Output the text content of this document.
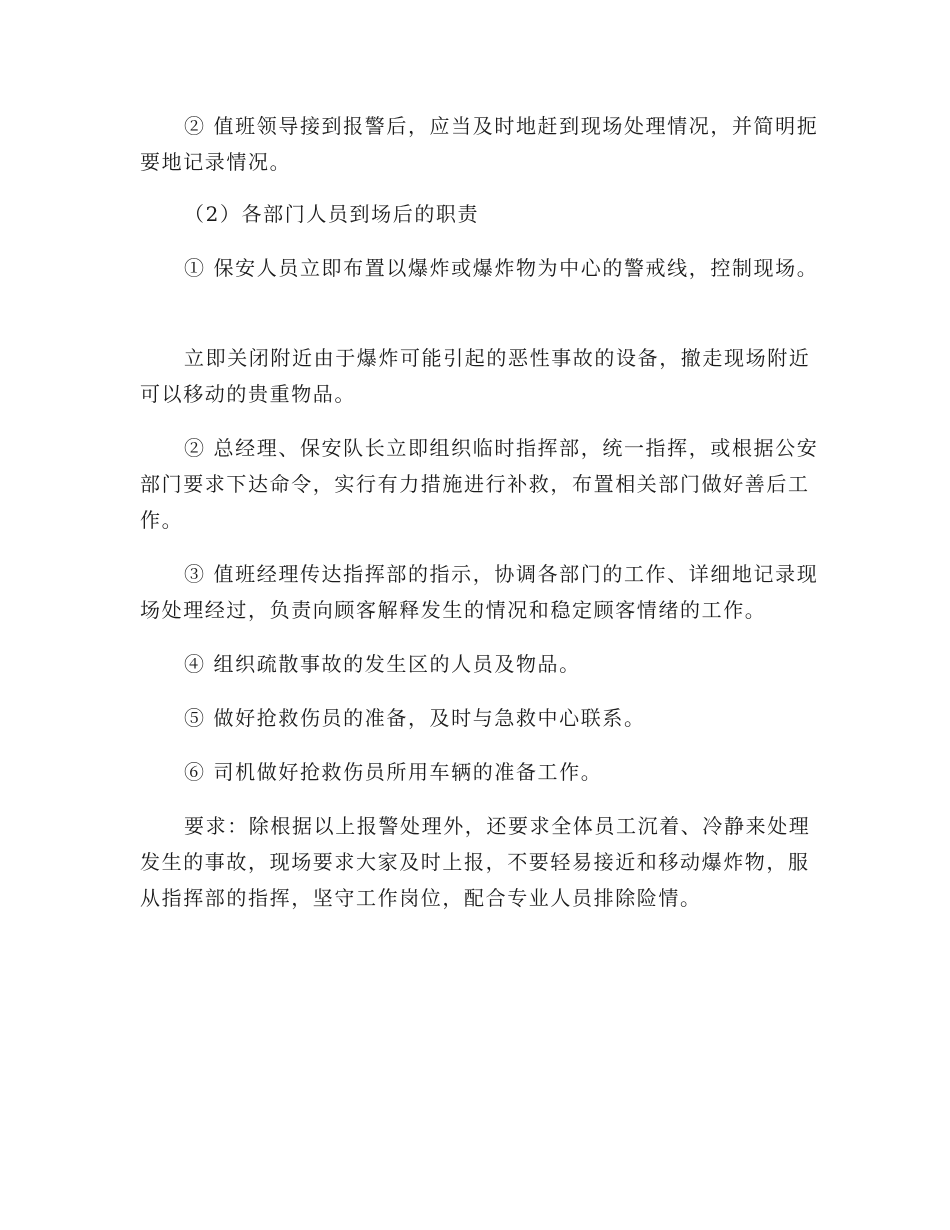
② 值班领导接到报警后，应当及时地赶到现场处理情况，并简明扼要地记录情况。

（2）各部门人员到场后的职责

① 保安人员立即布置以爆炸或爆炸物为中心的警戒线，控制现场。

立即关闭附近由于爆炸可能引起的恶性事故的设备，撤走现场附近可以移动的贵重物品。

② 总经理、保安队长立即组织临时指挥部，统一指挥，或根据公安部门要求下达命令，实行有力措施进行补救，布置相关部门做好善后工作。

③ 值班经理传达指挥部的指示，协调各部门的工作、详细地记录现场处理经过，负责向顾客解释发生的情况和稳定顾客情绪的工作。

④ 组织疏散事故的发生区的人员及物品。

⑤ 做好抢救伤员的准备，及时与急救中心联系。

⑥ 司机做好抢救伤员所用车辆的准备工作。

要求：除根据以上报警处理外，还要求全体员工沉着、冷静来处理发生的事故，现场要求大家及时上报，不要轻易接近和移动爆炸物，服从指挥部的指挥，坚守工作岗位，配合专业人员排除险情。
